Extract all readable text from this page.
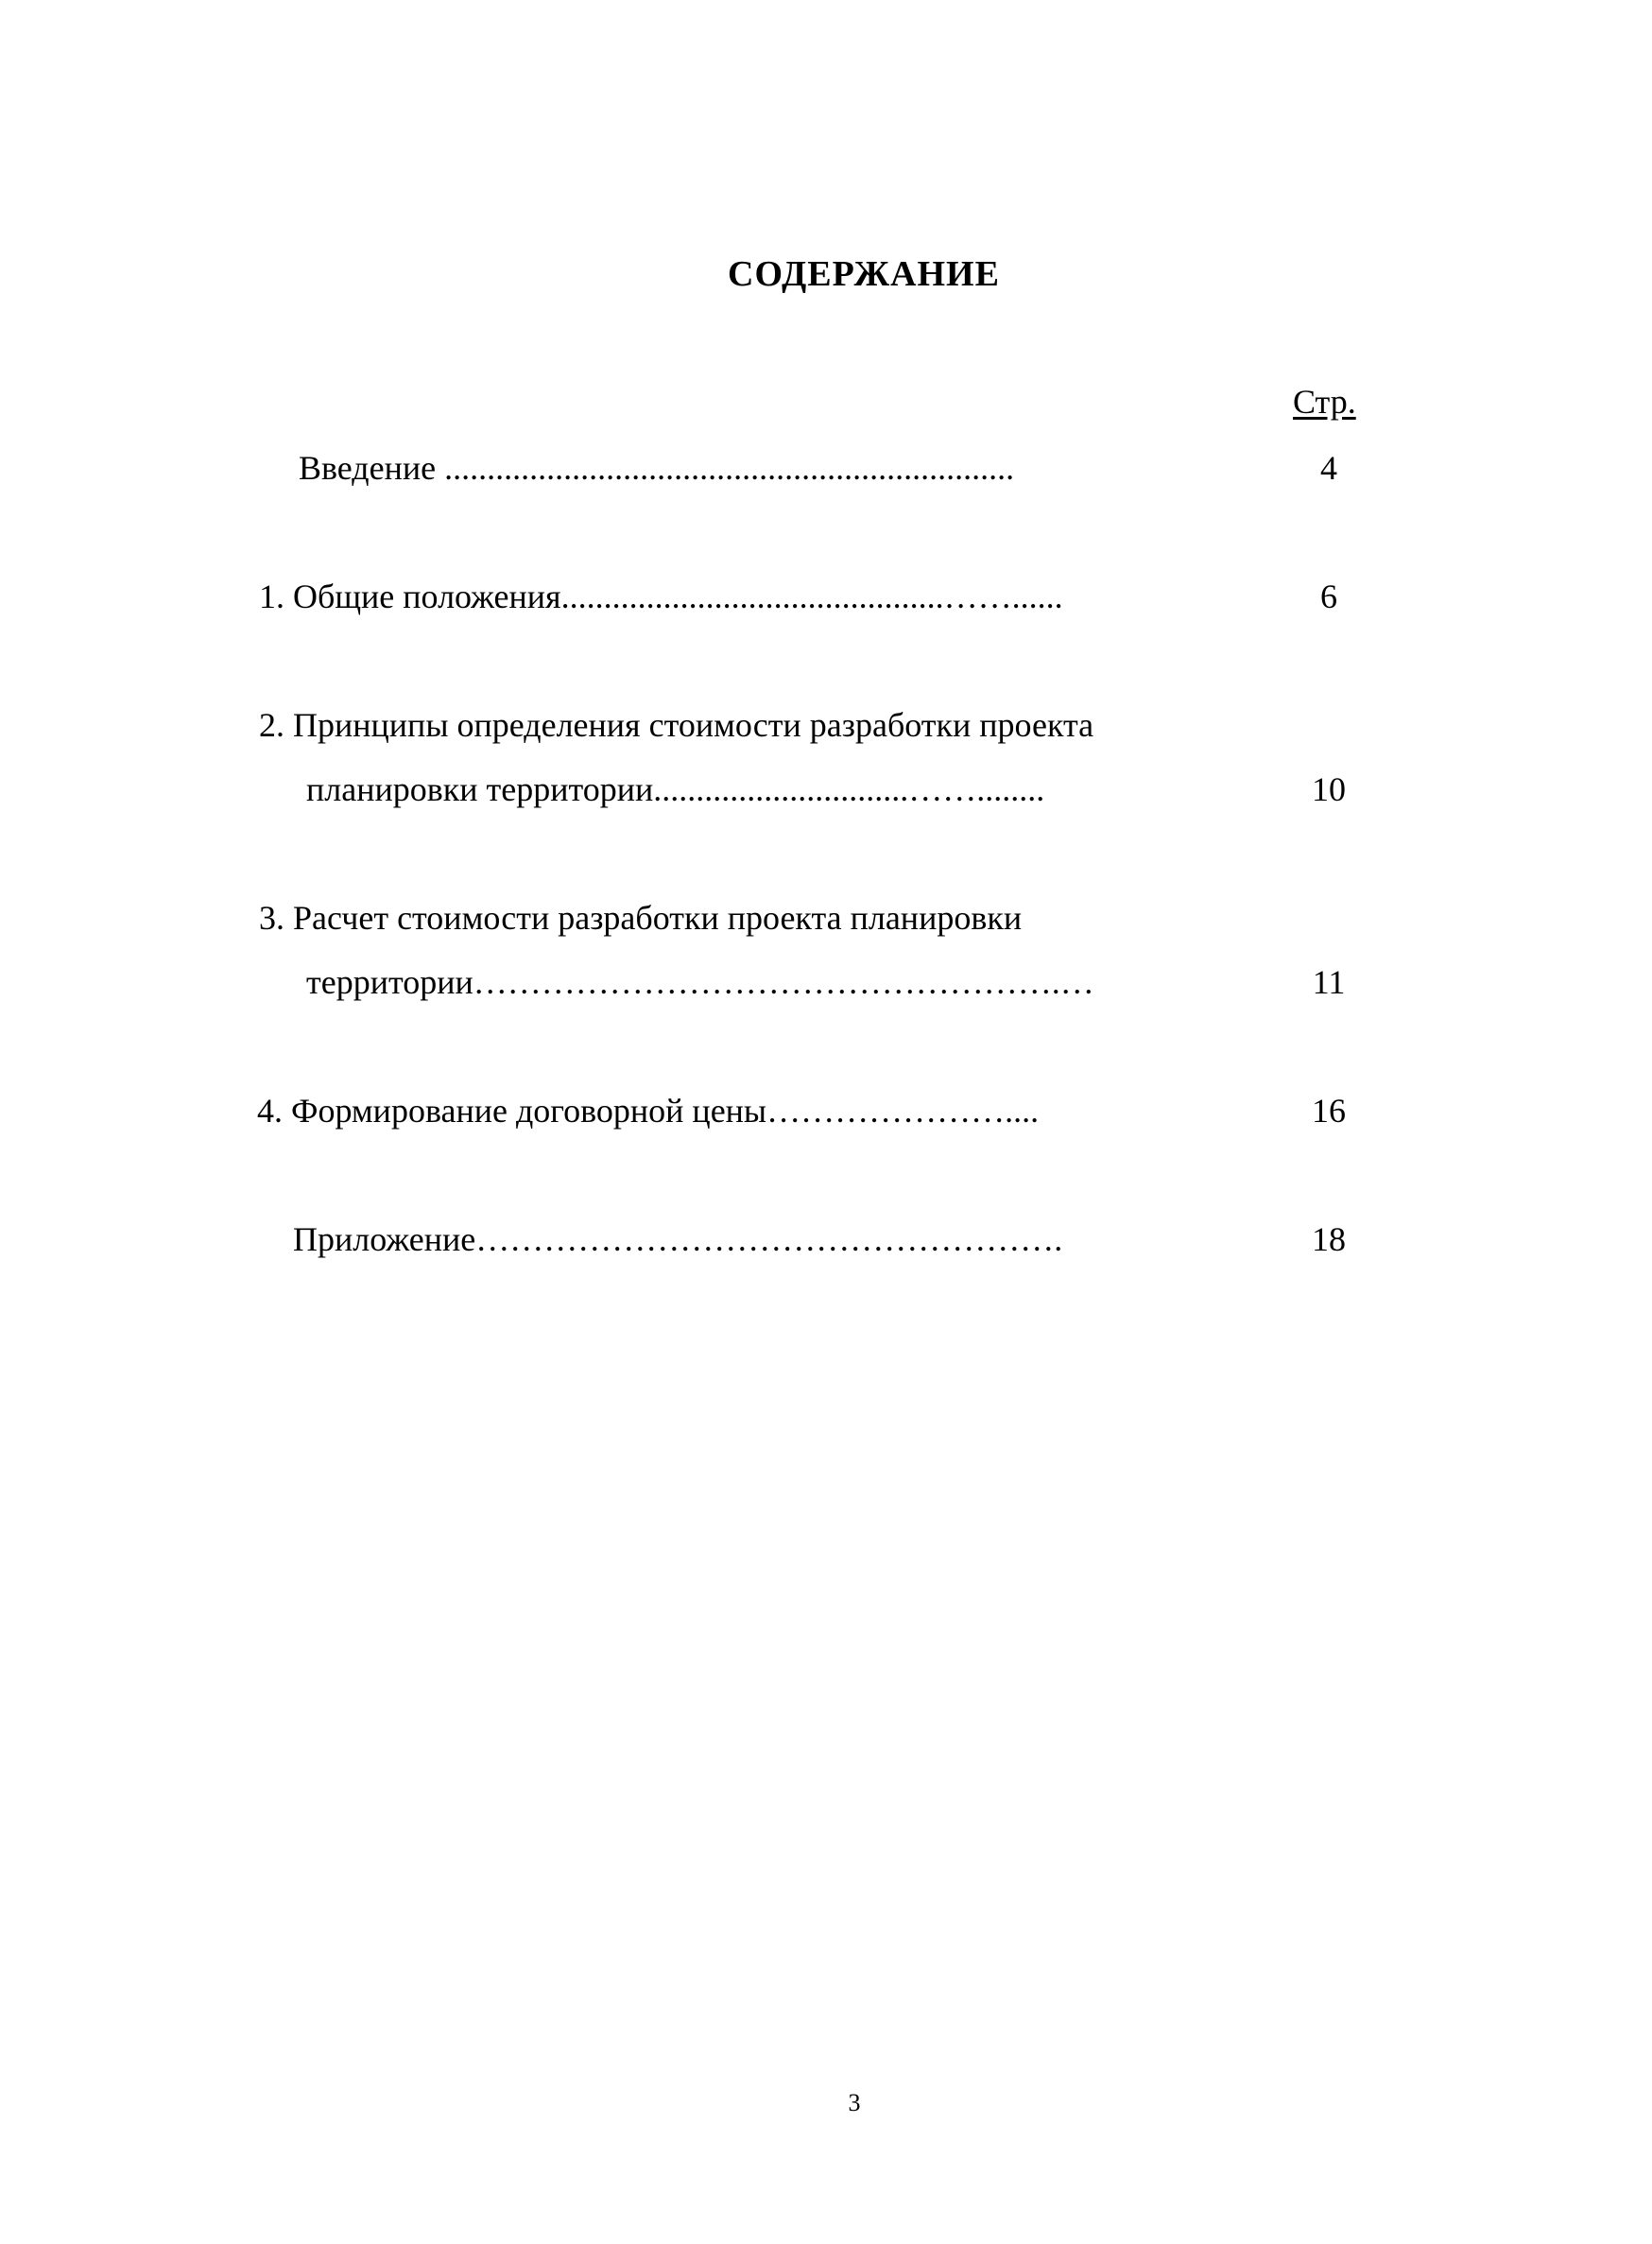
СОДЕРЖАНИЕ
Стр.
Введение ...................................................................	4
1. Общие положения.............................................……......	6
2. Принципы определения стоимости разработки проекта
планировки территории..............................……........	10
3. Расчет стоимости разработки проекта планировки
территории…………………………………………….…	11
4. Формирование договорной цены…………………....	16
Приложение…………………………………………….	18
3
